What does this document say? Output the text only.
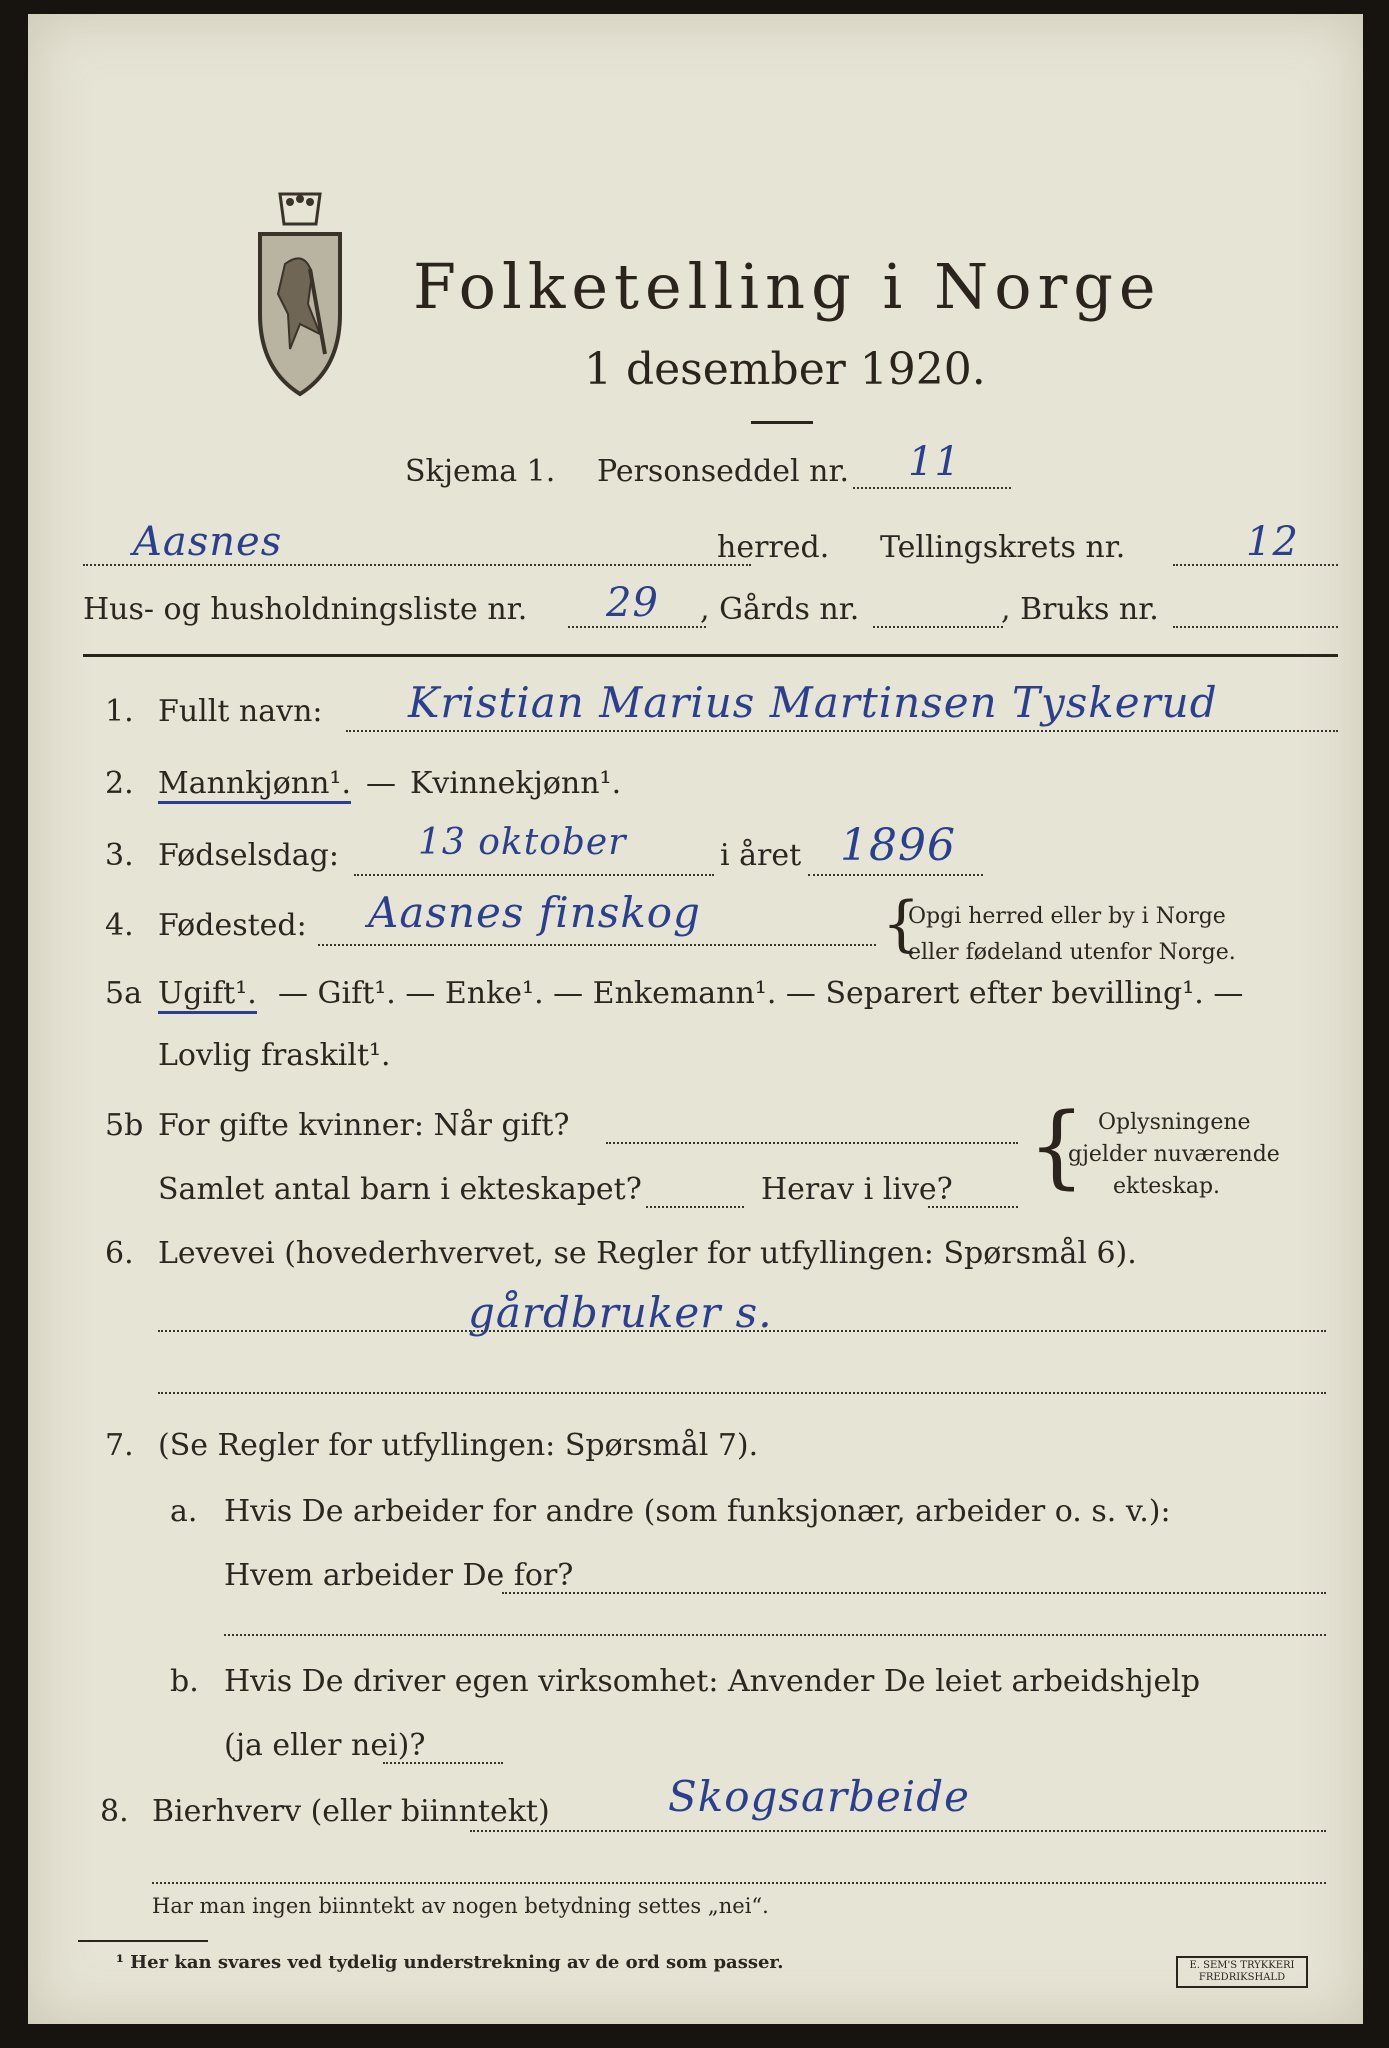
Folketelling i Norge
1 desember 1920.
Skjema 1. Personseddel nr. 11
Aasnes	herred. Tellingskrets nr.	12
Hus- og husholdningsliste nr. 29 , Gårds nr.	, Bruks nr.
1. Fullt navn: Kristian Marius Martinsen Tyskerud
2. Mannkjønn¹. — Kvinnekjønn¹.
3. Fødselsdag: 13 oktober	i året 1896
4. Fødested: Aasnes finskog	{
Opgi herred eller by i Norge
eller fødeland utenfor Norge.
5a Ugift¹. — Gift¹. — Enke¹. — Enkemann¹. — Separert efter bevilling¹. —
Lovlig fraskilt¹.
5b For gifte kvinner: Når gift?
Samlet antal barn i ekteskapet?	Herav i live? { Oplysningene
gjelder nuværende
ekteskap.
6. Levevei (hovederhvervet, se Regler for utfyllingen: Spørsmål 6).
gårdbruker s.
7. (Se Regler for utfyllingen: Spørsmål 7).
a. Hvis De arbeider for andre (som funksjonær, arbeider o. s. v.):
Hvem arbeider De for?
b. Hvis De driver egen virksomhet: Anvender De leiet arbeidshjelp
(ja eller nei)?
8. Bierhverv (eller biinntekt)	Skogsarbeide
Har man ingen biinntekt av nogen betydning settes „nei“.
¹ Her kan svares ved tydelig understrekning av de ord som passer.	E. SEM'S TRYKKERI FREDRIKSHALD
